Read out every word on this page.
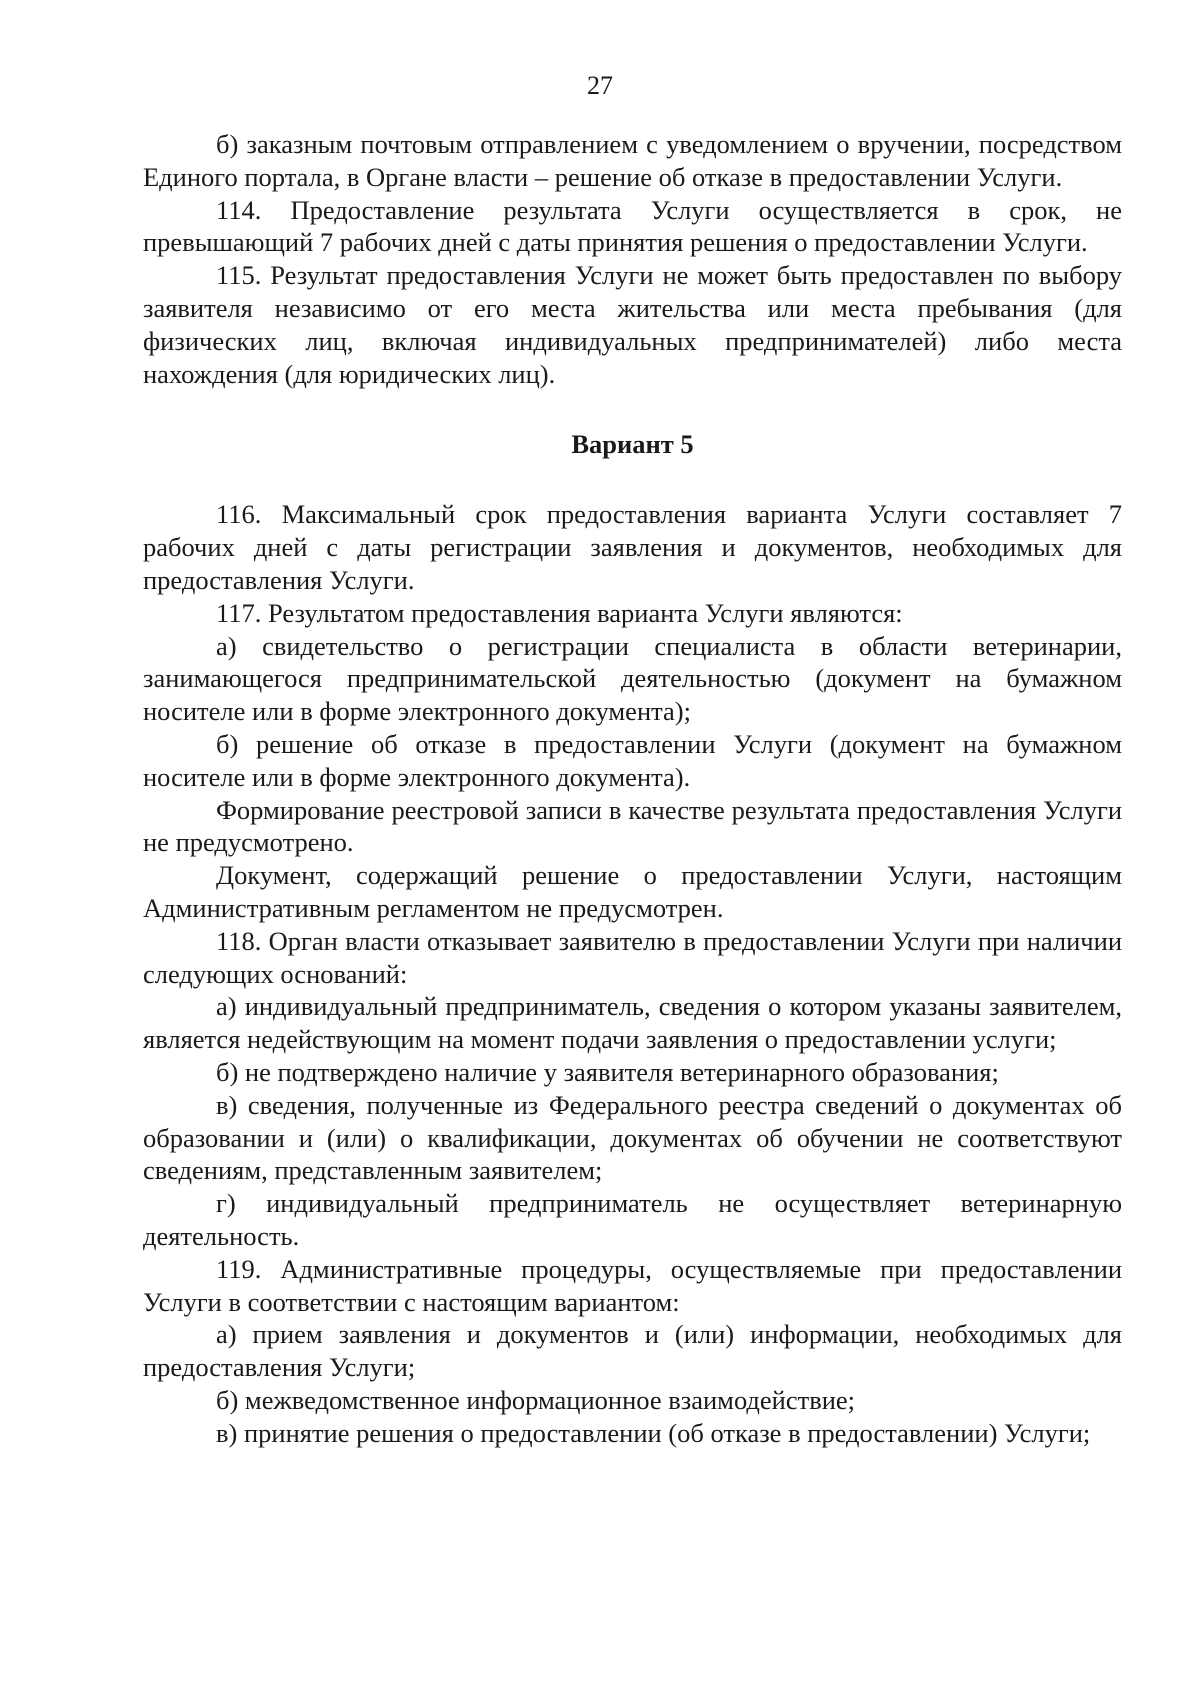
27

б) заказным почтовым отправлением с уведомлением о вручении, посредством Единого портала, в Органе власти – решение об отказе в предоставлении Услуги.

114. Предоставление результата Услуги осуществляется в срок, не превышающий 7 рабочих дней с даты принятия решения о предоставлении Услуги.

115. Результат предоставления Услуги не может быть предоставлен по выбору заявителя независимо от его места жительства или места пребывания (для физических лиц, включая индивидуальных предпринимателей) либо места нахождения (для юридических лиц).

Вариант 5

116. Максимальный срок предоставления варианта Услуги составляет 7 рабочих дней с даты регистрации заявления и документов, необходимых для предоставления Услуги.

117. Результатом предоставления варианта Услуги являются:

а) свидетельство о регистрации специалиста в области ветеринарии, занимающегося предпринимательской деятельностью (документ на бумажном носителе или в форме электронного документа);

б) решение об отказе в предоставлении Услуги (документ на бумажном носителе или в форме электронного документа).

Формирование реестровой записи в качестве результата предоставления Услуги не предусмотрено.

Документ, содержащий решение о предоставлении Услуги, настоящим Административным регламентом не предусмотрен.

118. Орган власти отказывает заявителю в предоставлении Услуги при наличии следующих оснований:

а) индивидуальный предприниматель, сведения о котором указаны заявителем, является недействующим на момент подачи заявления о предоставлении услуги;

б) не подтверждено наличие у заявителя ветеринарного образования;

в) сведения, полученные из Федерального реестра сведений о документах об образовании и (или) о квалификации, документах об обучении не соответствуют сведениям, представленным заявителем;

г) индивидуальный предприниматель не осуществляет ветеринарную деятельность.

119. Административные процедуры, осуществляемые при предоставлении Услуги в соответствии с настоящим вариантом:

а) прием заявления и документов и (или) информации, необходимых для предоставления Услуги;

б) межведомственное информационное взаимодействие;

в) принятие решения о предоставлении (об отказе в предоставлении) Услуги;
